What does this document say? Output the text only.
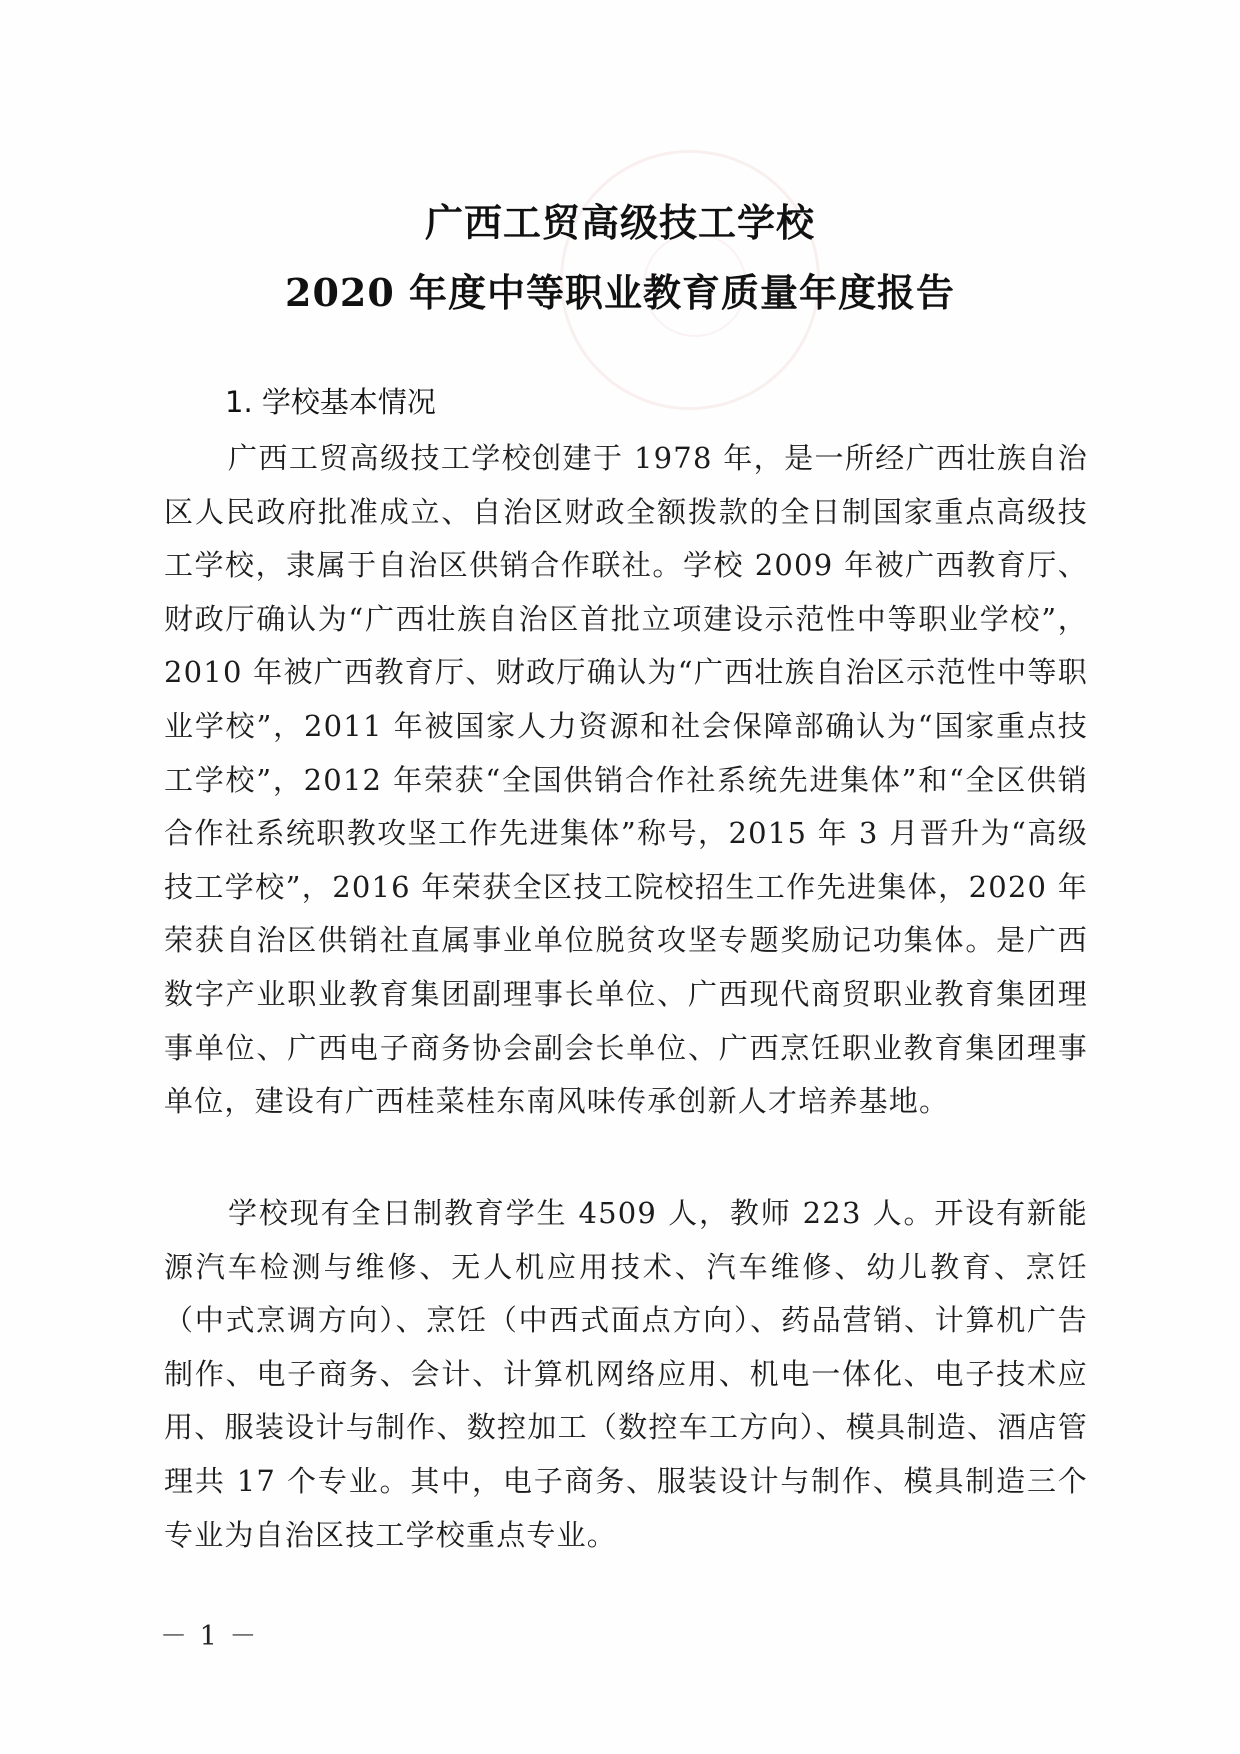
广西工贸高级技工学校
2020 年度中等职业教育质量年度报告
1. 学校基本情况

广西工贸高级技工学校创建于 1978 年，是一所经广西壮族自治区人民政府批准成立、自治区财政全额拨款的全日制国家重点高级技工学校，隶属于自治区供销合作联社。学校 2009 年被广西教育厅、财政厅确认为“广西壮族自治区首批立项建设示范性中等职业学校”，2010 年被广西教育厅、财政厅确认为“广西壮族自治区示范性中等职业学校”，2011 年被国家人力资源和社会保障部确认为“国家重点技工学校”，2012 年荣获“全国供销合作社系统先进集体”和“全区供销合作社系统职教攻坚工作先进集体”称号，2015 年 3 月晋升为“高级技工学校”，2016 年荣获全区技工院校招生工作先进集体，2020 年荣获自治区供销社直属事业单位脱贫攻坚专题奖励记功集体。是广西数字产业职业教育集团副理事长单位、广西现代商贸职业教育集团理事单位、广西电子商务协会副会长单位、广西烹饪职业教育集团理事单位，建设有广西桂菜桂东南风味传承创新人才培养基地。

学校现有全日制教育学生 4509 人，教师 223 人。开设有新能源汽车检测与维修、无人机应用技术、汽车维修、幼儿教育、烹饪（中式烹调方向）、烹饪（中西式面点方向）、药品营销、计算机广告制作、电子商务、会计、计算机网络应用、机电一体化、电子技术应用、服装设计与制作、数控加工（数控车工方向）、模具制造、酒店管理共 17 个专业。其中，电子商务、服装设计与制作、模具制造三个专业为自治区技工学校重点专业。

－ 1 －
